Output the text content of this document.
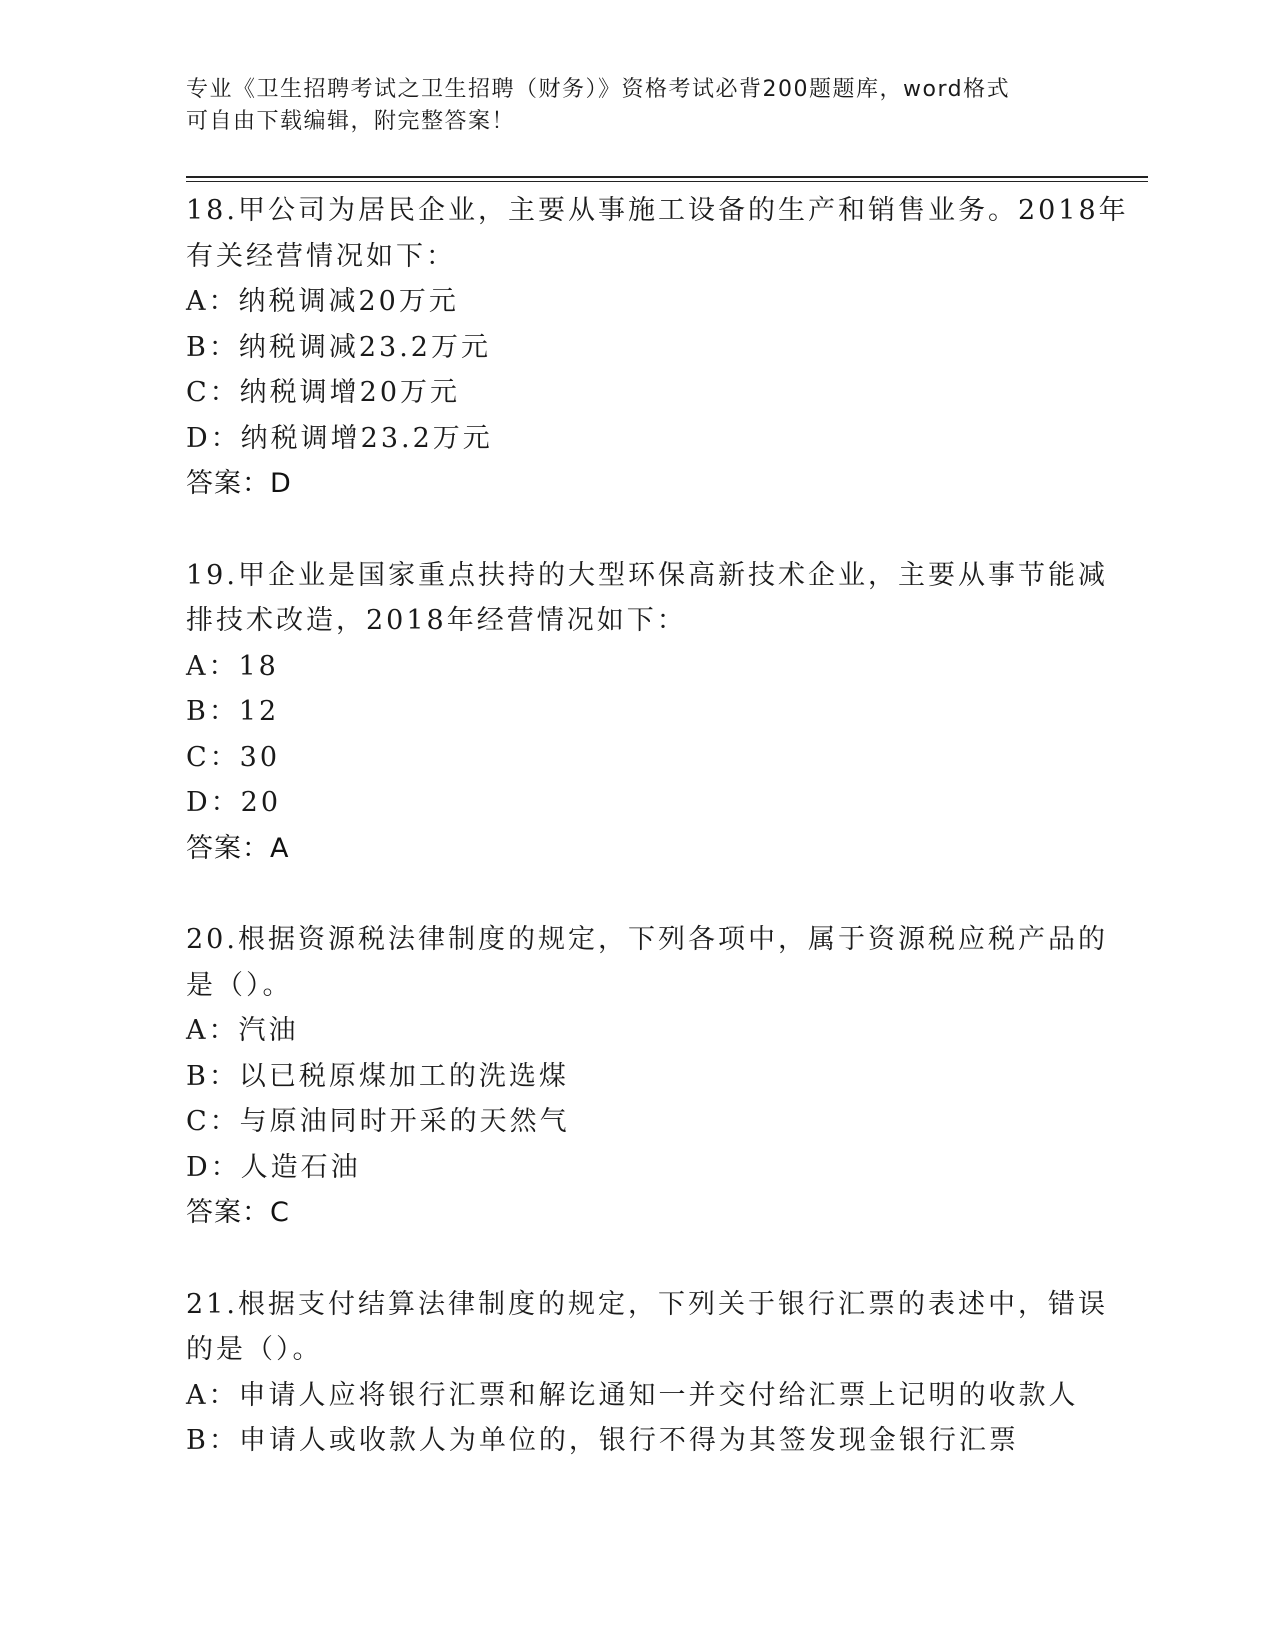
专业《卫生招聘考试之卫生招聘（财务）》资格考试必背200题题库，word格式
可自由下载编辑，附完整答案！
18.甲公司为居民企业，主要从事施工设备的生产和销售业务。2018年
有关经营情况如下：
A：纳税调减20万元
B：纳税调减23.2万元
C：纳税调增20万元
D：纳税调增23.2万元
答案：D
19.甲企业是国家重点扶持的大型环保高新技术企业，主要从事节能减
排技术改造，2018年经营情况如下：
A：18
B：12
C：30
D：20
答案：A
20.根据资源税法律制度的规定，下列各项中，属于资源税应税产品的
是（）。
A：汽油
B：以已税原煤加工的洗选煤
C：与原油同时开采的天然气
D：人造石油
答案：C
21.根据支付结算法律制度的规定，下列关于银行汇票的表述中，错误
的是（）。
A：申请人应将银行汇票和解讫通知一并交付给汇票上记明的收款人
B：申请人或收款人为单位的，银行不得为其签发现金银行汇票
